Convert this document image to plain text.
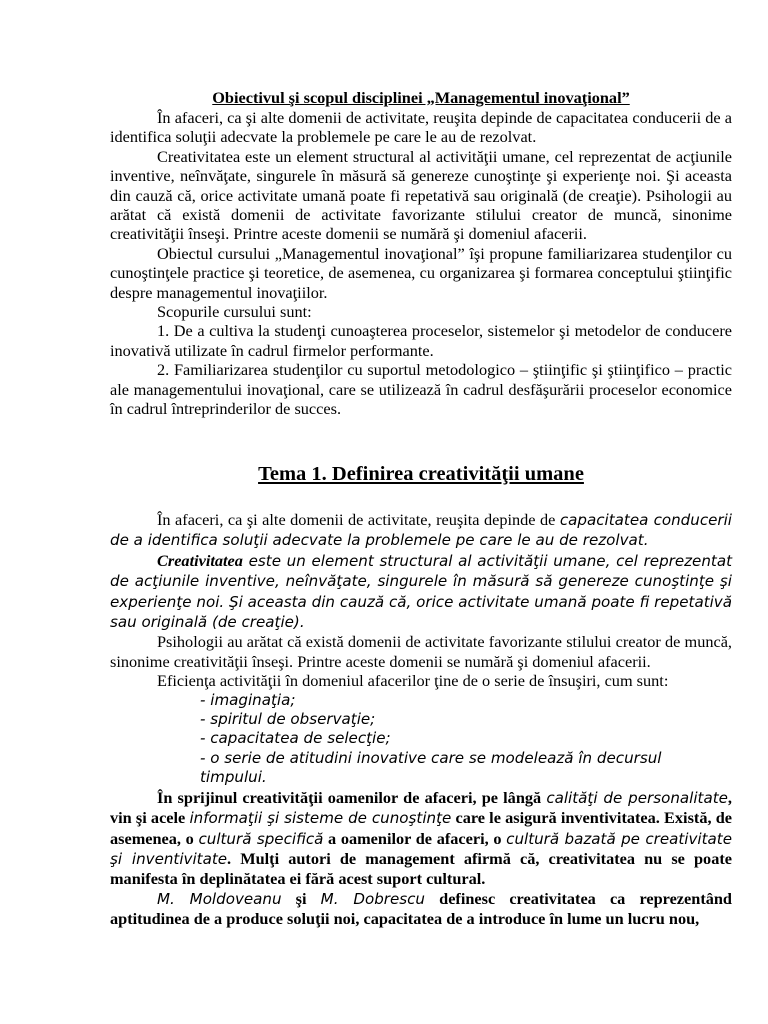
Obiectivul şi scopul disciplinei „Managementul inovaţional”

În afaceri, ca şi alte domenii de activitate, reuşita depinde de capacitatea conducerii de a identifica soluţii adecvate la problemele pe care le au de rezolvat.

Creativitatea este un element structural al activităţii umane, cel reprezentat de acţiunile inventive, neînvăţate, singurele în măsură să genereze cunoştinţe şi experienţe noi. Şi aceasta din cauză că, orice activitate umană poate fi repetativă sau originală (de creaţie). Psihologii au arătat că există domenii de activitate favorizante stilului creator de muncă, sinonime creativităţii înseşi. Printre aceste domenii se numără şi domeniul afacerii.

Obiectul cursului „Managementul inovaţional” îşi propune familiarizarea studenţilor cu cunoştinţele practice şi teoretice, de asemenea, cu organizarea şi formarea conceptului ştiinţific despre managementul inovaţiilor.

Scopurile cursului sunt:

1. De a cultiva la studenţi cunoaşterea proceselor, sistemelor şi metodelor de conducere inovativă utilizate în cadrul firmelor performante.

2. Familiarizarea studenţilor cu suportul metodologico – ştiinţific şi ştiinţifico – practic ale managementului inovaţional, care se utilizează în cadrul desfăşurării proceselor economice în cadrul întreprinderilor de succes.

Tema 1. Definirea creativităţii umane

În afaceri, ca şi alte domenii de activitate, reuşita depinde de capacitatea conducerii de a identifica soluţii adecvate la problemele pe care le au de rezolvat.

Creativitatea este un element structural al activităţii umane, cel reprezentat de acţiunile inventive, neînvăţate, singurele în măsură să genereze cunoştinţe şi experienţe noi. Şi aceasta din cauză că, orice activitate umană poate fi repetativă sau originală (de creaţie).

Psihologii au arătat că există domenii de activitate favorizante stilului creator de muncă, sinonime creativităţii înseşi. Printre aceste domenii se numără şi domeniul afacerii.

Eficienţa activităţii în domeniul afacerilor ţine de o serie de însuşiri, cum sunt:

- imaginaţia;
- spiritul de observaţie;
- capacitatea de selecţie;
- o serie de atitudini inovative care se modelează în decursul timpului.

În sprijinul creativităţii oamenilor de afaceri, pe lângă calităţi de personalitate, vin şi acele informaţii şi sisteme de cunoştinţe care le asigură inventivitatea. Există, de asemenea, o cultură specifică a oamenilor de afaceri, o cultură bazată pe creativitate şi inventivitate. Mulţi autori de management afirmă că, creativitatea nu se poate manifesta în deplinătatea ei fără acest suport cultural.

M. Moldoveanu şi M. Dobrescu definesc creativitatea ca reprezentând aptitudinea de a produce soluţii noi, capacitatea de a introduce în lume un lucru nou,
